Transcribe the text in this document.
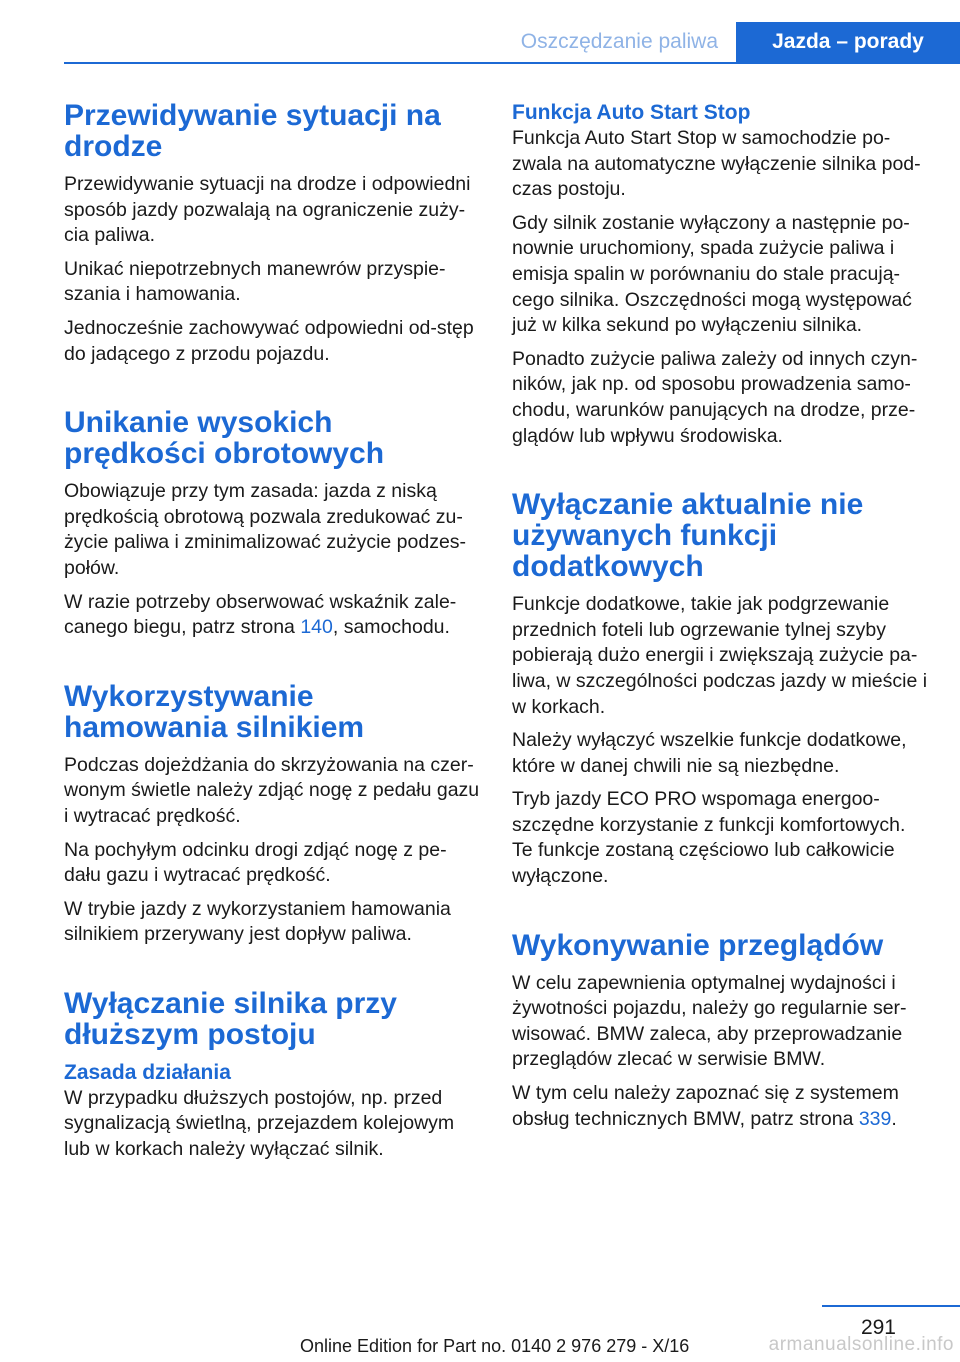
Oszczędzanie paliwa	Jazda – porady
Przewidywanie sytuacji na drodze

Przewidywanie sytuacji na drodze i odpowiedni sposób jazdy pozwalają na ograniczenie zuży-cia paliwa.

Unikać niepotrzebnych manewrów przyspie-szania i hamowania.

Jednocześnie zachowywać odpowiedni od-stęp do jadącego z przodu pojazdu.

Unikanie wysokich prędkości obrotowych

Obowiązuje przy tym zasada: jazda z niską prędkością obrotową pozwala zredukować zu-życie paliwa i zminimalizować zużycie podzes-połów.

W razie potrzeby obserwować wskaźnik zale-canego biegu, patrz strona 140, samochodu.

Wykorzystywanie hamowania silnikiem

Podczas dojeżdżania do skrzyżowania na czer-wonym świetle należy zdjąć nogę z pedału gazu i wytracać prędkość.

Na pochyłym odcinku drogi zdjąć nogę z pe-dału gazu i wytracać prędkość.

W trybie jazdy z wykorzystaniem hamowania silnikiem przerywany jest dopływ paliwa.

Wyłączanie silnika przy dłuższym postoju
Zasada działania

W przypadku dłuższych postojów, np. przed sygnalizacją świetlną, przejazdem kolejowym lub w korkach należy wyłączać silnik.

Funkcja Auto Start Stop

Funkcja Auto Start Stop w samochodzie po-zwala na automatyczne wyłączenie silnika pod-czas postoju.

Gdy silnik zostanie wyłączony a następnie po-nownie uruchomiony, spada zużycie paliwa i emisja spalin w porównaniu do stale pracują-cego silnika. Oszczędności mogą występować już w kilka sekund po wyłączeniu silnika.

Ponadto zużycie paliwa zależy od innych czyn-ników, jak np. od sposobu prowadzenia samo-chodu, warunków panujących na drodze, prze-glądów lub wpływu środowiska.

Wyłączanie aktualnie nie używanych funkcji dodatkowych

Funkcje dodatkowe, takie jak podgrzewanie przednich foteli lub ogrzewanie tylnej szyby pobierają dużo energii i zwiększają zużycie pa-liwa, w szczególności podczas jazdy w mieście i w korkach.

Należy wyłączyć wszelkie funkcje dodatkowe, które w danej chwili nie są niezbędne.

Tryb jazdy ECO PRO wspomaga energoo-szczędne korzystanie z funkcji komfortowych. Te funkcje zostaną częściowo lub całkowicie wyłączone.

Wykonywanie przeglądów

W celu zapewnienia optymalnej wydajności i żywotności pojazdu, należy go regularnie ser-wisować. BMW zaleca, aby przeprowadzanie przeglądów zlecać w serwisie BMW.

W tym celu należy zapoznać się z systemem obsług technicznych BMW, patrz strona 339.

291
Online Edition for Part no. 0140 2 976 279 - X/16	armanualsonline.info
